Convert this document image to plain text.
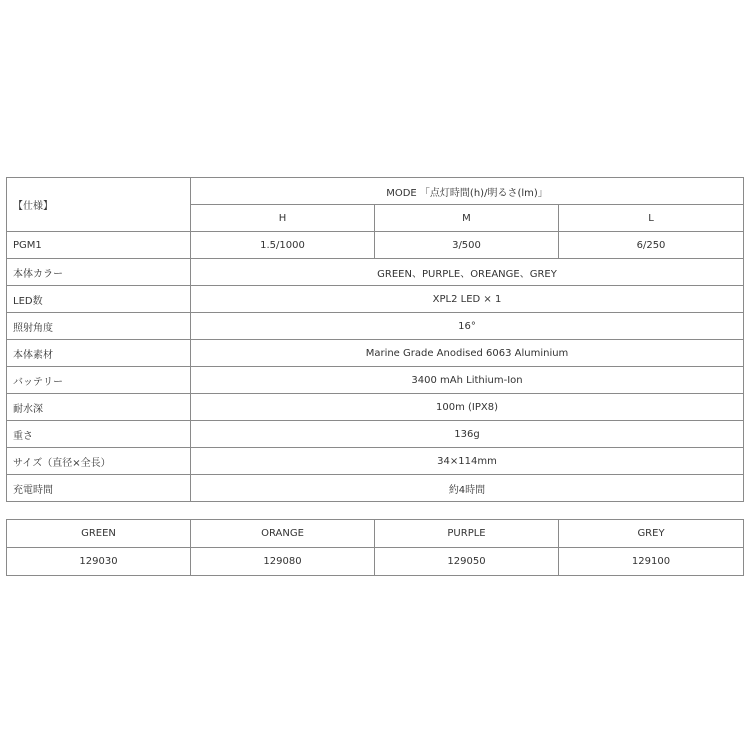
【仕様】	MODE 「点灯時間(h)/明るさ(lm)」		
	H	M	L
PGM1	1.5/1000	3/500	6/250
本体カラー	GREEN、PURPLE、OREANGE、GREY		
LED数	XPL2 LED × 1		
照射角度	16°		
本体素材	Marine Grade Anodised 6063 Aluminium		
バッテリー	3400 mAh Lithium-Ion		
耐水深	100m (IPX8)		
重さ	136g		
サイズ（直径×全長）	34×114mm		
充電時間	約4時間		
GREEN	ORANGE	PURPLE	GREY
129030	129080	129050	129100
